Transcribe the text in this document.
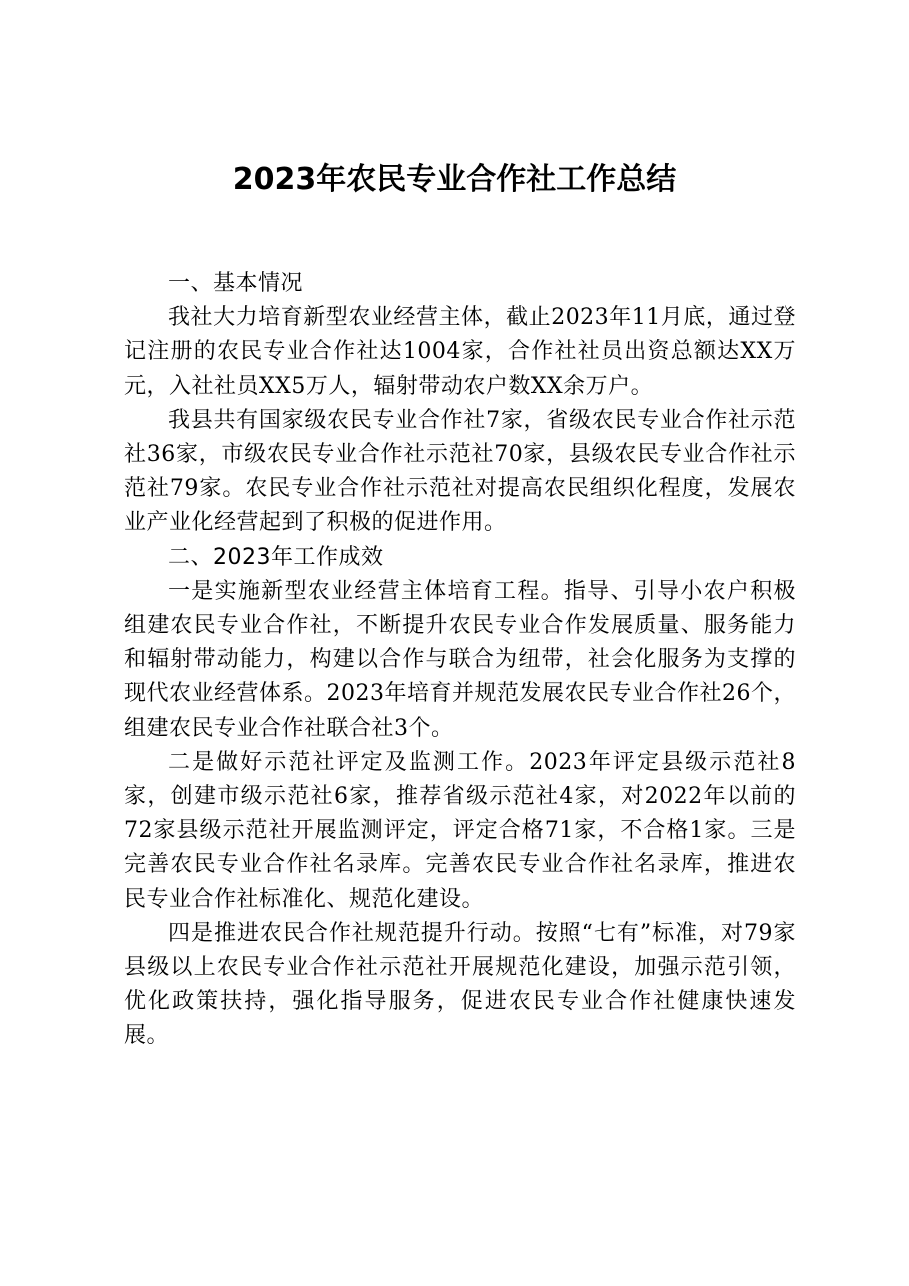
2023年农民专业合作社工作总结
一、基本情况

我社大力培育新型农业经营主体，截止2023年11月底，通过登记注册的农民专业合作社达1004家，合作社社员出资总额达XX万元，入社社员XX5万人，辐射带动农户数XX余万户。

我县共有国家级农民专业合作社7家，省级农民专业合作社示范社36家，市级农民专业合作社示范社70家，县级农民专业合作社示范社79家。农民专业合作社示范社对提高农民组织化程度，发展农业产业化经营起到了积极的促进作用。

二、2023年工作成效

一是实施新型农业经营主体培育工程。指导、引导小农户积极组建农民专业合作社，不断提升农民专业合作发展质量、服务能力和辐射带动能力，构建以合作与联合为纽带，社会化服务为支撑的现代农业经营体系。2023年培育并规范发展农民专业合作社26个，组建农民专业合作社联合社3个。

二是做好示范社评定及监测工作。2023年评定县级示范社8家，创建市级示范社6家，推荐省级示范社4家，对2022年以前的72家县级示范社开展监测评定，评定合格71家，不合格1家。三是完善农民专业合作社名录库。完善农民专业合作社名录库，推进农民专业合作社标准化、规范化建设。

四是推进农民合作社规范提升行动。按照“七有”标准，对79家县级以上农民专业合作社示范社开展规范化建设，加强示范引领，优化政策扶持，强化指导服务，促进农民专业合作社健康快速发展。
